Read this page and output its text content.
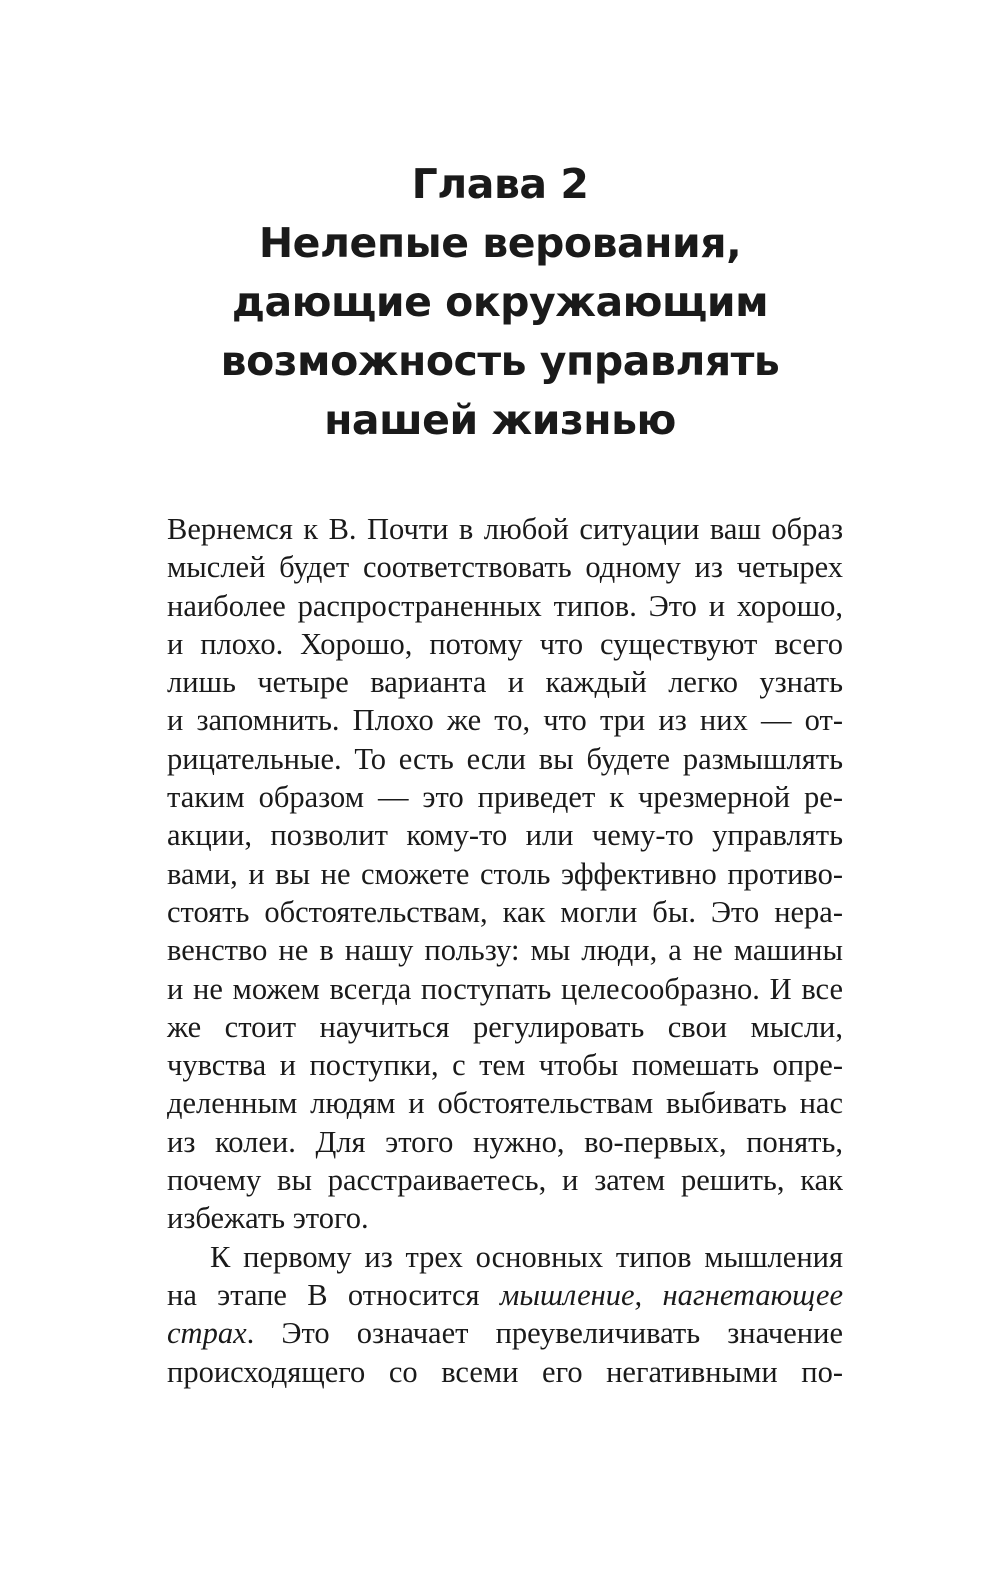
Глава 2
Нелепые верования,
дающие окружающим
возможность управлять
нашей жизнью
Вернемся к В. Почти в любой ситуации ваш образ
мыслей будет соответствовать одному из четырех
наиболее распространенных типов. Это и хорошо,
и плохо. Хорошо, потому что существуют всего
лишь четыре варианта и каждый легко узнать
и запомнить. Плохо же то, что три из них — от-
рицательные. То есть если вы будете размышлять
таким образом — это приведет к чрезмерной ре-
акции, позволит кому-то или чему-то управлять
вами, и вы не сможете столь эффективно противо-
стоять обстоятельствам, как могли бы. Это нера-
венство не в нашу пользу: мы люди, а не машины
и не можем всегда поступать целесообразно. И все
же стоит научиться регулировать свои мысли,
чувства и поступки, с тем чтобы помешать опре-
деленным людям и обстоятельствам выбивать нас
из колеи. Для этого нужно, во-первых, понять,
почему вы расстраиваетесь, и затем решить, как
избежать этого.
К первому из трех основных типов мышления
на этапе В относится мышление, нагнетающее
страх. Это означает преувеличивать значение
происходящего со всеми его негативными по-
